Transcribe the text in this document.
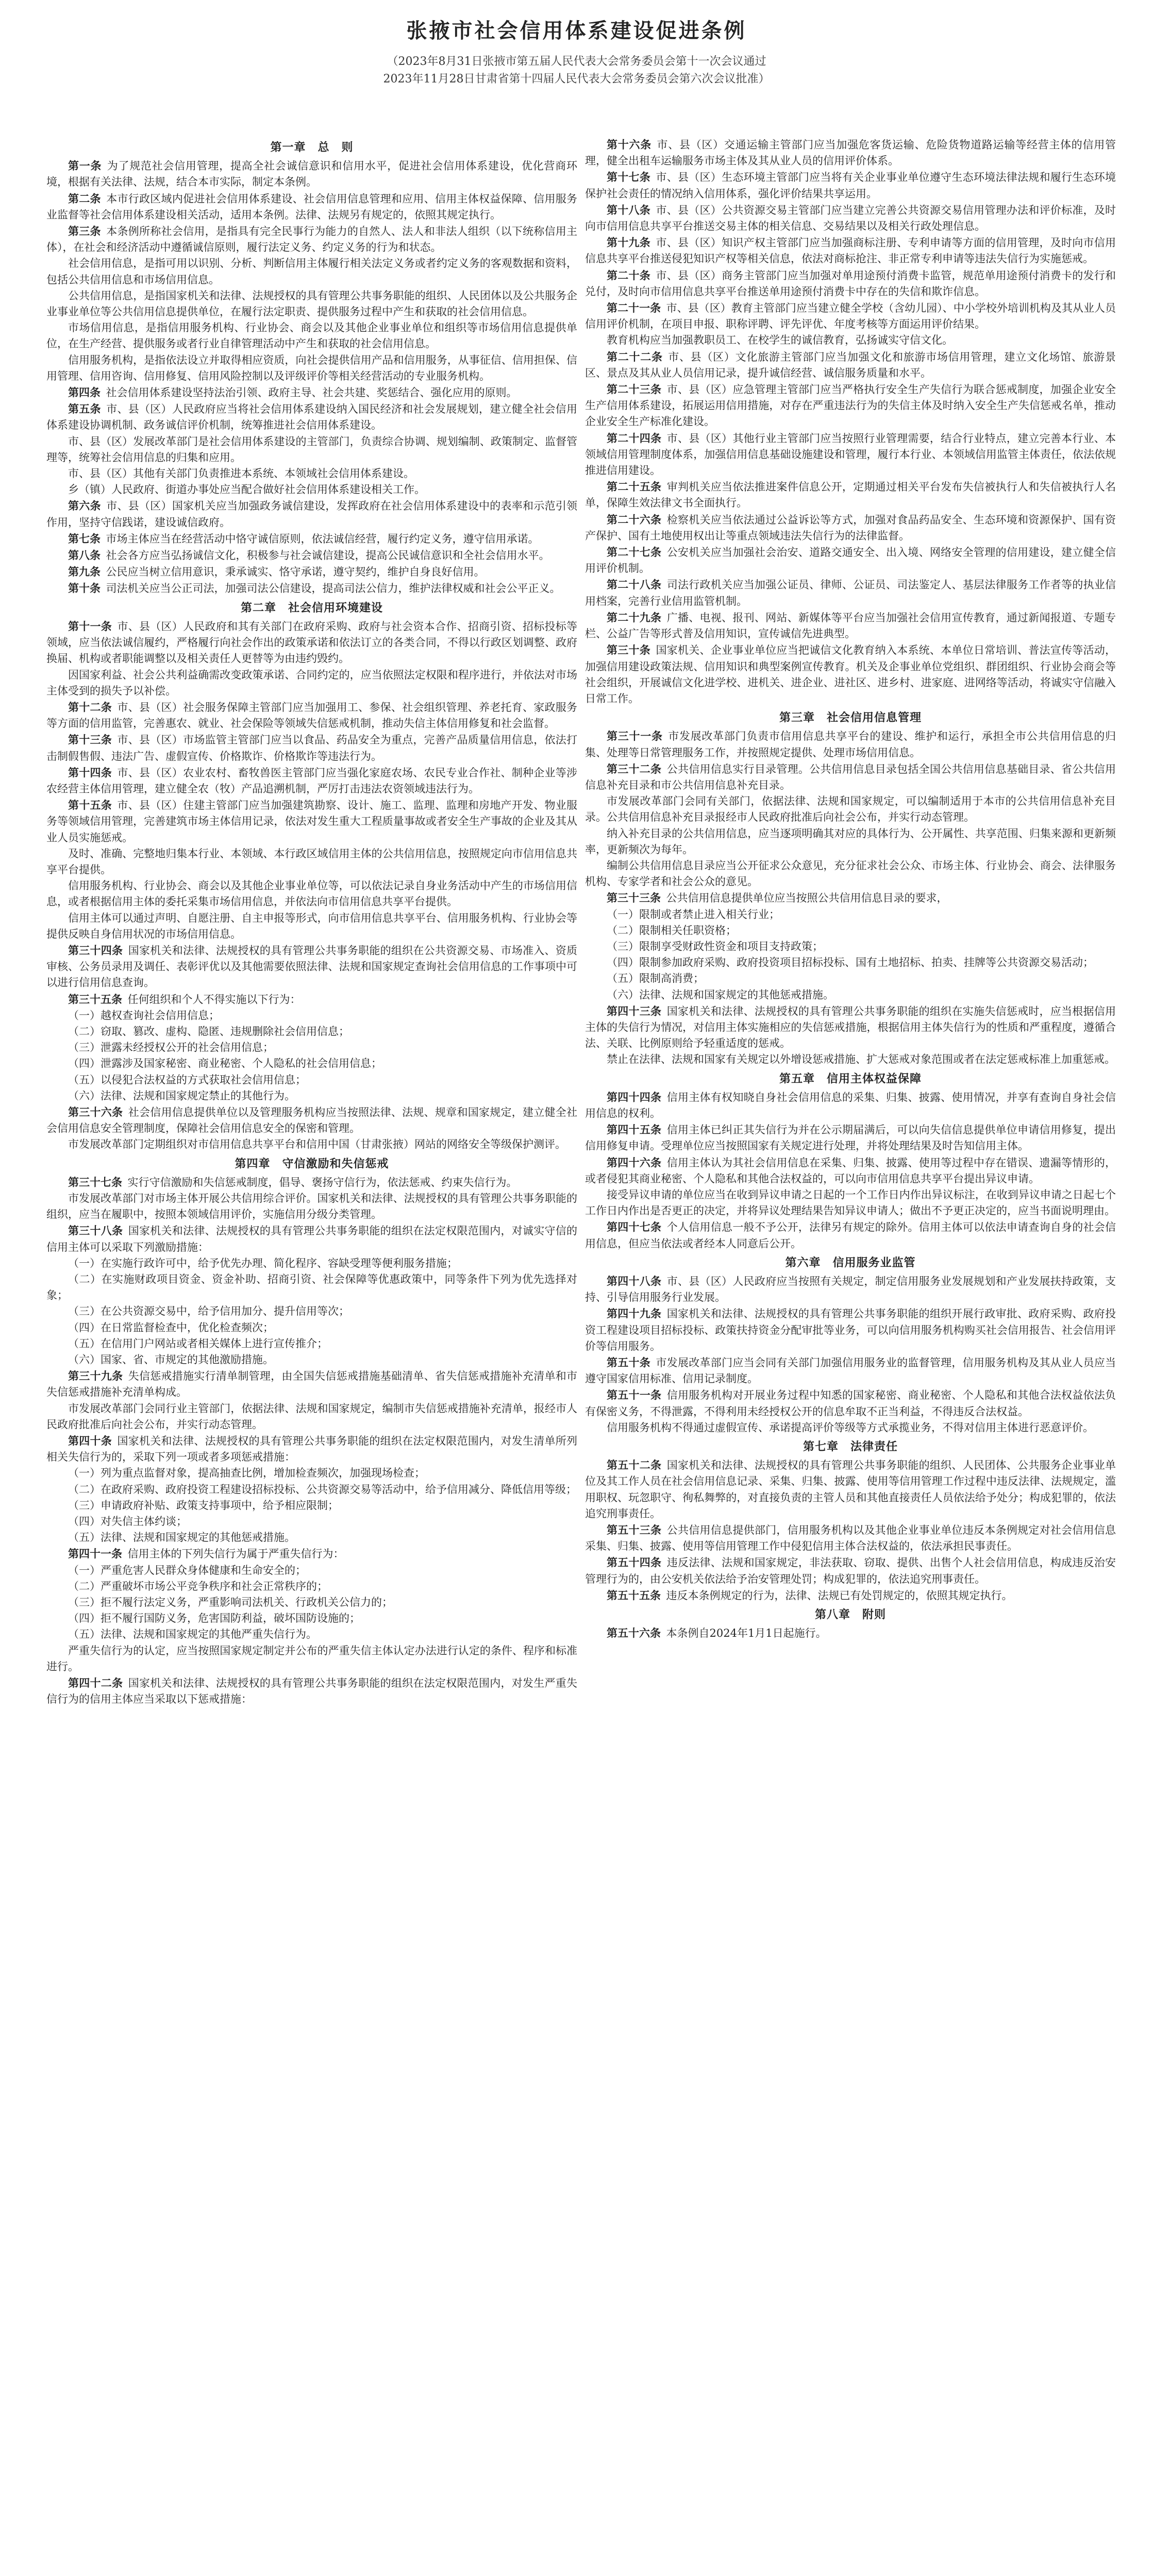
张掖市社会信用体系建设促进条例
（2023年8月31日张掖市第五届人民代表大会常务委员会第十一次会议通过
2023年11月28日甘肃省第十四届人民代表大会常务委员会第六次会议批准）
第一章　总　则

第一条 为了规范社会信用管理，提高全社会诚信意识和信用水平，促进社会信用体系建设，优化营商环境，根据有关法律、法规，结合本市实际，制定本条例。

第二条 本市行政区域内促进社会信用体系建设、社会信用信息管理和应用、信用主体权益保障、信用服务业监督等社会信用体系建设相关活动，适用本条例。法律、法规另有规定的，依照其规定执行。

第三条 本条例所称社会信用，是指具有完全民事行为能力的自然人、法人和非法人组织（以下统称信用主体），在社会和经济活动中遵循诚信原则，履行法定义务、约定义务的行为和状态。

社会信用信息，是指可用以识别、分析、判断信用主体履行相关法定义务或者约定义务的客观数据和资料，包括公共信用信息和市场信用信息。

公共信用信息，是指国家机关和法律、法规授权的具有管理公共事务职能的组织、人民团体以及公共服务企业事业单位等公共信用信息提供单位，在履行法定职责、提供服务过程中产生和获取的社会信用信息。

市场信用信息，是指信用服务机构、行业协会、商会以及其他企业事业单位和组织等市场信用信息提供单位，在生产经营、提供服务或者行业自律管理活动中产生和获取的社会信用信息。

信用服务机构，是指依法设立并取得相应资质，向社会提供信用产品和信用服务，从事征信、信用担保、信用管理、信用咨询、信用修复、信用风险控制以及评级评价等相关经营活动的专业服务机构。

第四条 社会信用体系建设坚持法治引领、政府主导、社会共建、奖惩结合、强化应用的原则。

第五条 市、县（区）人民政府应当将社会信用体系建设纳入国民经济和社会发展规划，建立健全社会信用体系建设协调机制、政务诚信评价机制，统筹推进社会信用体系建设。

市、县（区）发展改革部门是社会信用体系建设的主管部门，负责综合协调、规划编制、政策制定、监督管理等，统筹社会信用信息的归集和应用。

市、县（区）其他有关部门负责推进本系统、本领域社会信用体系建设。

乡（镇）人民政府、街道办事处应当配合做好社会信用体系建设相关工作。

第六条 市、县（区）国家机关应当加强政务诚信建设，发挥政府在社会信用体系建设中的表率和示范引领作用，坚持守信践诺，建设诚信政府。

第七条 市场主体应当在经营活动中恪守诚信原则，依法诚信经营，履行约定义务，遵守信用承诺。

第八条 社会各方应当弘扬诚信文化，积极参与社会诚信建设，提高公民诚信意识和全社会信用水平。

第九条 公民应当树立信用意识，秉承诚实、恪守承诺，遵守契约，维护自身良好信用。

第十条 司法机关应当公正司法，加强司法公信建设，提高司法公信力，维护法律权威和社会公平正义。

第二章　社会信用环境建设

第十一条 市、县（区）人民政府和其有关部门在政府采购、政府与社会资本合作、招商引资、招标投标等领域，应当依法诚信履约，严格履行向社会作出的政策承诺和依法订立的各类合同，不得以行政区划调整、政府换届、机构或者职能调整以及相关责任人更替等为由违约毁约。

因国家利益、社会公共利益确需改变政策承诺、合同约定的，应当依照法定权限和程序进行，并依法对市场主体受到的损失予以补偿。

第十二条 市、县（区）社会服务保障主管部门应当加强用工、参保、社会组织管理、养老托育、家政服务等方面的信用监管，完善惠农、就业、社会保险等领域失信惩戒机制，推动失信主体信用修复和社会监督。

第十三条 市、县（区）市场监管主管部门应当以食品、药品安全为重点，完善产品质量信用信息，依法打击制假售假、违法广告、虚假宣传、价格欺诈、价格欺诈等违法行为。

第十四条 市、县（区）农业农村、畜牧兽医主管部门应当强化家庭农场、农民专业合作社、制种企业等涉农经营主体信用管理，建立健全农（牧）产品追溯机制，严厉打击违法农资领域违法行为。

第十五条 市、县（区）住建主管部门应当加强建筑勘察、设计、施工、监理、监理和房地产开发、物业服务等领域信用管理，完善建筑市场主体信用记录，依法对发生重大工程质量事故或者安全生产事故的企业及其从业人员实施惩戒。

及时、准确、完整地归集本行业、本领域、本行政区域信用主体的公共信用信息，按照规定向市信用信息共享平台提供。

信用服务机构、行业协会、商会以及其他企业事业单位等，可以依法记录自身业务活动中产生的市场信用信息，或者根据信用主体的委托采集市场信用信息，并依法向市信用信息共享平台提供。

信用主体可以通过声明、自愿注册、自主申报等形式，向市信用信息共享平台、信用服务机构、行业协会等提供反映自身信用状况的市场信用信息。

第三十四条 国家机关和法律、法规授权的具有管理公共事务职能的组织在公共资源交易、市场准入、资质审核、公务员录用及调任、表彰评优以及其他需要依照法律、法规和国家规定查询社会信用信息的工作事项中可以进行信用信息查询。

第三十五条 任何组织和个人不得实施以下行为：

（一）越权查询社会信用信息；

（二）窃取、篡改、虚构、隐匿、违规删除社会信用信息；

（三）泄露未经授权公开的社会信用信息；

（四）泄露涉及国家秘密、商业秘密、个人隐私的社会信用信息；

（五）以侵犯合法权益的方式获取社会信用信息；

（六）法律、法规和国家规定禁止的其他行为。

第三十六条 社会信用信息提供单位以及管理服务机构应当按照法律、法规、规章和国家规定，建立健全社会信用信息安全管理制度，保障社会信用信息安全的保密和管理。

市发展改革部门定期组织对市信用信息共享平台和信用中国（甘肃张掖）网站的网络安全等级保护测评。

第四章　守信激励和失信惩戒

第三十七条 实行守信激励和失信惩戒制度，倡导、褒扬守信行为，依法惩戒、约束失信行为。

市发展改革部门对市场主体开展公共信用综合评价。国家机关和法律、法规授权的具有管理公共事务职能的组织，应当在履职中，按照本领域信用评价，实施信用分级分类管理。

第三十八条 国家机关和法律、法规授权的具有管理公共事务职能的组织在法定权限范围内，对诚实守信的信用主体可以采取下列激励措施：

（一）在实施行政许可中，给予优先办理、简化程序、容缺受理等便利服务措施；

（二）在实施财政项目资金、资金补助、招商引资、社会保障等优惠政策中，同等条件下列为优先选择对象；

（三）在公共资源交易中，给予信用加分、提升信用等次；

（四）在日常监督检查中，优化检查频次；

（五）在信用门户网站或者相关媒体上进行宣传推介；

（六）国家、省、市规定的其他激励措施。

第三十九条 失信惩戒措施实行清单制管理，由全国失信惩戒措施基础清单、省失信惩戒措施补充清单和市失信惩戒措施补充清单构成。

市发展改革部门会同行业主管部门，依据法律、法规和国家规定，编制市失信惩戒措施补充清单，报经市人民政府批准后向社会公布，并实行动态管理。

第四十条 国家机关和法律、法规授权的具有管理公共事务职能的组织在法定权限范围内，对发生清单所列相关失信行为的，采取下列一项或者多项惩戒措施：

（一）列为重点监督对象，提高抽查比例，增加检查频次，加强现场检查；

（二）在政府采购、政府投资工程建设招标投标、公共资源交易等活动中，给予信用减分、降低信用等级；

（三）申请政府补贴、政策支持事项中，给予相应限制；

（四）对失信主体约谈；

（五）法律、法规和国家规定的其他惩戒措施。

第四十一条 信用主体的下列失信行为属于严重失信行为：

（一）严重危害人民群众身体健康和生命安全的；

（二）严重破坏市场公平竞争秩序和社会正常秩序的；

（三）拒不履行法定义务，严重影响司法机关、行政机关公信力的；

（四）拒不履行国防义务，危害国防利益，破坏国防设施的；

（五）法律、法规和国家规定的其他严重失信行为。

严重失信行为的认定，应当按照国家规定制定并公布的严重失信主体认定办法进行认定的条件、程序和标准进行。

第四十二条 国家机关和法律、法规授权的具有管理公共事务职能的组织在法定权限范围内，对发生严重失信行为的信用主体应当采取以下惩戒措施：

第十六条 市、县（区）交通运输主管部门应当加强危客货运输、危险货物道路运输等经营主体的信用管理，健全出租车运输服务市场主体及其从业人员的信用评价体系。

第十七条 市、县（区）生态环境主管部门应当将有关企业事业单位遵守生态环境法律法规和履行生态环境保护社会责任的情况纳入信用体系，强化评价结果共享运用。

第十八条 市、县（区）公共资源交易主管部门应当建立完善公共资源交易信用管理办法和评价标准，及时向市信用信息共享平台推送交易主体的相关信息、交易结果以及相关行政处理信息。

第十九条 市、县（区）知识产权主管部门应当加强商标注册、专利申请等方面的信用管理，及时向市信用信息共享平台推送侵犯知识产权等相关信息，依法对商标抢注、非正常专利申请等违法失信行为实施惩戒。

第二十条 市、县（区）商务主管部门应当加强对单用途预付消费卡监管，规范单用途预付消费卡的发行和兑付，及时向市信用信息共享平台推送单用途预付消费卡中存在的失信和欺诈信息。

第二十一条 市、县（区）教育主管部门应当建立健全学校（含幼儿园）、中小学校外培训机构及其从业人员信用评价机制，在项目申报、职称评聘、评先评优、年度考核等方面运用评价结果。

教育机构应当加强教职员工、在校学生的诚信教育，弘扬诚实守信文化。

第二十二条 市、县（区）文化旅游主管部门应当加强文化和旅游市场信用管理，建立文化场馆、旅游景区、景点及其从业人员信用记录，提升诚信经营、诚信服务质量和水平。

第二十三条 市、县（区）应急管理主管部门应当严格执行安全生产失信行为联合惩戒制度，加强企业安全生产信用体系建设，拓展运用信用措施，对存在严重违法行为的失信主体及时纳入安全生产失信惩戒名单，推动企业安全生产标准化建设。

第二十四条 市、县（区）其他行业主管部门应当按照行业管理需要，结合行业特点，建立完善本行业、本领域信用管理制度体系，加强信用信息基础设施建设和管理，履行本行业、本领域信用监管主体责任，依法依规推进信用建设。

第二十五条 审判机关应当依法推进案件信息公开，定期通过相关平台发布失信被执行人和失信被执行人名单，保障生效法律文书全面执行。

第二十六条 检察机关应当依法通过公益诉讼等方式，加强对食品药品安全、生态环境和资源保护、国有资产保护、国有土地使用权出让等重点领域违法失信行为的法律监督。

第二十七条 公安机关应当加强社会治安、道路交通安全、出入境、网络安全管理的信用建设，建立健全信用评价机制。

第二十八条 司法行政机关应当加强公证员、律师、公证员、司法鉴定人、基层法律服务工作者等的执业信用档案，完善行业信用监管机制。

第二十九条 广播、电视、报刊、网站、新媒体等平台应当加强社会信用宣传教育，通过新闻报道、专题专栏、公益广告等形式普及信用知识，宣传诚信先进典型。

第三十条 国家机关、企业事业单位应当把诚信文化教育纳入本系统、本单位日常培训、普法宣传等活动，加强信用建设政策法规、信用知识和典型案例宣传教育。机关及企事业单位党组织、群团组织、行业协会商会等社会组织，开展诚信文化进学校、进机关、进企业、进社区、进乡村、进家庭、进网络等活动，将诚实守信融入日常工作。

第三章　社会信用信息管理

第三十一条 市发展改革部门负责市信用信息共享平台的建设、维护和运行，承担全市公共信用信息的归集、处理等日常管理服务工作，并按照规定提供、处理市场信用信息。

第三十二条 公共信用信息实行目录管理。公共信用信息目录包括全国公共信用信息基础目录、省公共信用信息补充目录和市公共信用信息补充目录。

市发展改革部门会同有关部门，依据法律、法规和国家规定，可以编制适用于本市的公共信用信息补充目录。公共信用信息补充目录报经市人民政府批准后向社会公布，并实行动态管理。

纳入补充目录的公共信用信息，应当逐项明确其对应的具体行为、公开属性、共享范围、归集来源和更新频率，更新频次为每年。

编制公共信用信息目录应当公开征求公众意见，充分征求社会公众、市场主体、行业协会、商会、法律服务机构、专家学者和社会公众的意见。

第三十三条 公共信用信息提供单位应当按照公共信用信息目录的要求，

（一）限制或者禁止进入相关行业；

（二）限制相关任职资格；

（三）限制享受财政性资金和项目支持政策；

（四）限制参加政府采购、政府投资项目招标投标、国有土地招标、拍卖、挂牌等公共资源交易活动；

（五）限制高消费；

（六）法律、法规和国家规定的其他惩戒措施。

第四十三条 国家机关和法律、法规授权的具有管理公共事务职能的组织在实施失信惩戒时，应当根据信用主体的失信行为情况，对信用主体实施相应的失信惩戒措施，根据信用主体失信行为的性质和严重程度，遵循合法、关联、比例原则给予轻重适度的惩戒。

禁止在法律、法规和国家有关规定以外增设惩戒措施、扩大惩戒对象范围或者在法定惩戒标准上加重惩戒。

第五章　信用主体权益保障

第四十四条 信用主体有权知晓自身社会信用信息的采集、归集、披露、使用情况，并享有查询自身社会信用信息的权利。

第四十五条 信用主体已纠正其失信行为并在公示期届满后，可以向失信信息提供单位申请信用修复，提出信用修复申请。受理单位应当按照国家有关规定进行处理，并将处理结果及时告知信用主体。

第四十六条 信用主体认为其社会信用信息在采集、归集、披露、使用等过程中存在错误、遗漏等情形的，或者侵犯其商业秘密、个人隐私和其他合法权益的，可以向市信用信息共享平台提出异议申请。

接受异议申请的单位应当在收到异议申请之日起的一个工作日内作出异议标注，在收到异议申请之日起七个工作日内作出是否更正的决定，并将异议处理结果告知异议申请人；做出不予更正决定的，应当书面说明理由。

第四十七条 个人信用信息一般不予公开，法律另有规定的除外。信用主体可以依法申请查询自身的社会信用信息，但应当依法或者经本人同意后公开。

第六章　信用服务业监管

第四十八条 市、县（区）人民政府应当按照有关规定，制定信用服务业发展规划和产业发展扶持政策，支持、引导信用服务行业发展。

第四十九条 国家机关和法律、法规授权的具有管理公共事务职能的组织开展行政审批、政府采购、政府投资工程建设项目招标投标、政策扶持资金分配审批等业务，可以向信用服务机构购买社会信用报告、社会信用评价等信用服务。

第五十条 市发展改革部门应当会同有关部门加强信用服务业的监督管理，信用服务机构及其从业人员应当遵守国家信用标准、信用记录制度。

第五十一条 信用服务机构对开展业务过程中知悉的国家秘密、商业秘密、个人隐私和其他合法权益依法负有保密义务，不得泄露，不得利用未经授权公开的信息牟取不正当利益，不得违反合法权益。

信用服务机构不得通过虚假宣传、承诺提高评价等级等方式承揽业务，不得对信用主体进行恶意评价。

第七章　法律责任

第五十二条 国家机关和法律、法规授权的具有管理公共事务职能的组织、人民团体、公共服务企业事业单位及其工作人员在社会信用信息记录、采集、归集、披露、使用等信用管理工作过程中违反法律、法规规定，滥用职权、玩忽职守、徇私舞弊的，对直接负责的主管人员和其他直接责任人员依法给予处分；构成犯罪的，依法追究刑事责任。

第五十三条 公共信用信息提供部门，信用服务机构以及其他企业事业单位违反本条例规定对社会信用信息采集、归集、披露、使用等信用管理工作中侵犯信用主体合法权益的，依法承担民事责任。

第五十四条 违反法律、法规和国家规定，非法获取、窃取、提供、出售个人社会信用信息，构成违反治安管理行为的，由公安机关依法给予治安管理处罚；构成犯罪的，依法追究刑事责任。

第五十五条 违反本条例规定的行为，法律、法规已有处罚规定的，依照其规定执行。

第八章　附则

第五十六条 本条例自2024年1月1日起施行。
